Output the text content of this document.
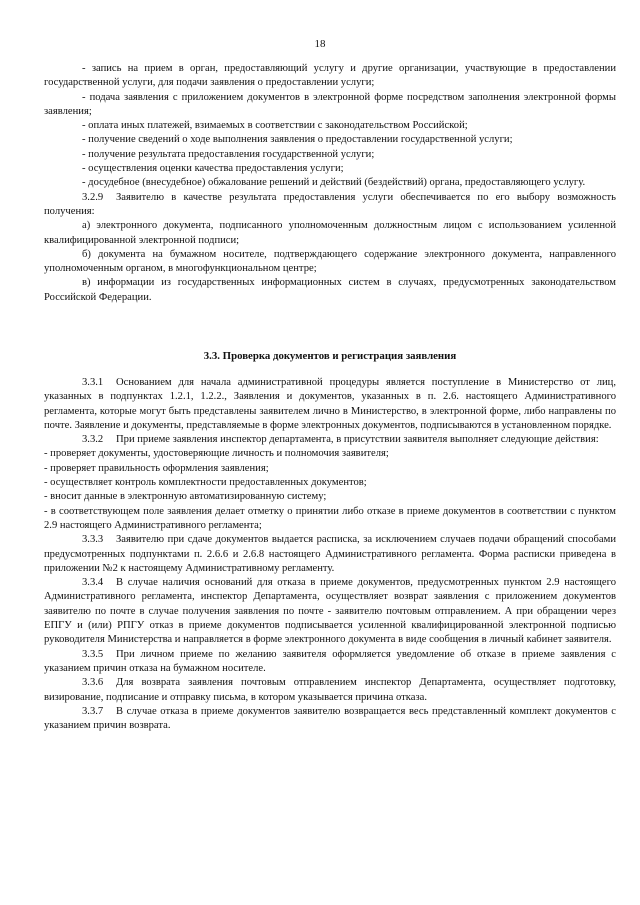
18

- запись на прием в орган, предоставляющий услугу и другие организации, участвующие в предоставлении государственной услуги, для подачи заявления о предоставлении услуги;

- подача заявления с приложением документов в электронной форме посредством заполнения электронной формы заявления;

- оплата иных платежей, взимаемых в соответствии с законодательством Российской;

- получение сведений о ходе выполнения заявления о предоставлении государственной услуги;

- получение результата предоставления государственной услуги;

- осуществления оценки качества предоставления услуги;

- досудебное (внесудебное) обжалование решений и действий (бездействий) органа, предоставляющего услугу.

3.2.9 Заявителю в качестве результата предоставления услуги обеспечивается по его выбору возможность получения:

а) электронного документа, подписанного уполномоченным должностным лицом с использованием усиленной квалифицированной электронной подписи;

б) документа на бумажном носителе, подтверждающего содержание электронного документа, направленного уполномоченным органом, в многофункциональном центре;

в) информации из государственных информационных систем в случаях, предусмотренных законодательством Российской Федерации.

3.3. Проверка документов и регистрация заявления

3.3.1 Основанием для начала административной процедуры является поступление в Министерство от лиц, указанных в подпунктах 1.2.1, 1.2.2., Заявления и документов, указанных в п. 2.6. настоящего Административного регламента, которые могут быть представлены заявителем лично в Министерство, в электронной форме, либо направлены по почте. Заявление и документы, представляемые в форме электронных документов, подписываются в установленном порядке.

3.3.2 При приеме заявления инспектор департамента, в присутствии заявителя выполняет следующие действия:

- проверяет документы, удостоверяющие личность и полномочия заявителя;

- проверяет правильность оформления заявления;

- осуществляет контроль комплектности предоставленных документов;

- вносит данные в электронную автоматизированную систему;

- в соответствующем поле заявления делает отметку о принятии либо отказе в приеме документов в соответствии с пунктом 2.9 настоящего Административного регламента;

3.3.3 Заявителю при сдаче документов выдается расписка, за исключением случаев подачи обращений способами предусмотренных подпунктами п. 2.6.6 и 2.6.8 настоящего Административного регламента. Форма расписки приведена в приложении №2 к настоящему Административному регламенту.

3.3.4 В случае наличия оснований для отказа в приеме документов, предусмотренных пунктом 2.9 настоящего Административного регламента, инспектор Департамента, осуществляет возврат заявления с приложением документов заявителю по почте в случае получения заявления по почте - заявителю почтовым отправлением. А при обращении через ЕПГУ и (или) РПГУ отказ в приеме документов подписывается усиленной квалифицированной электронной подписью руководителя Министерства и направляется в форме электронного документа в виде сообщения в личный кабинет заявителя.

3.3.5 При личном приеме по желанию заявителя оформляется уведомление об отказе в приеме заявления с указанием причин отказа на бумажном носителе.

3.3.6 Для возврата заявления почтовым отправлением инспектор Департамента, осуществляет подготовку, визирование, подписание и отправку письма, в котором указывается причина отказа.

3.3.7 В случае отказа в приеме документов заявителю возвращается весь представленный комплект документов с указанием причин возврата.
